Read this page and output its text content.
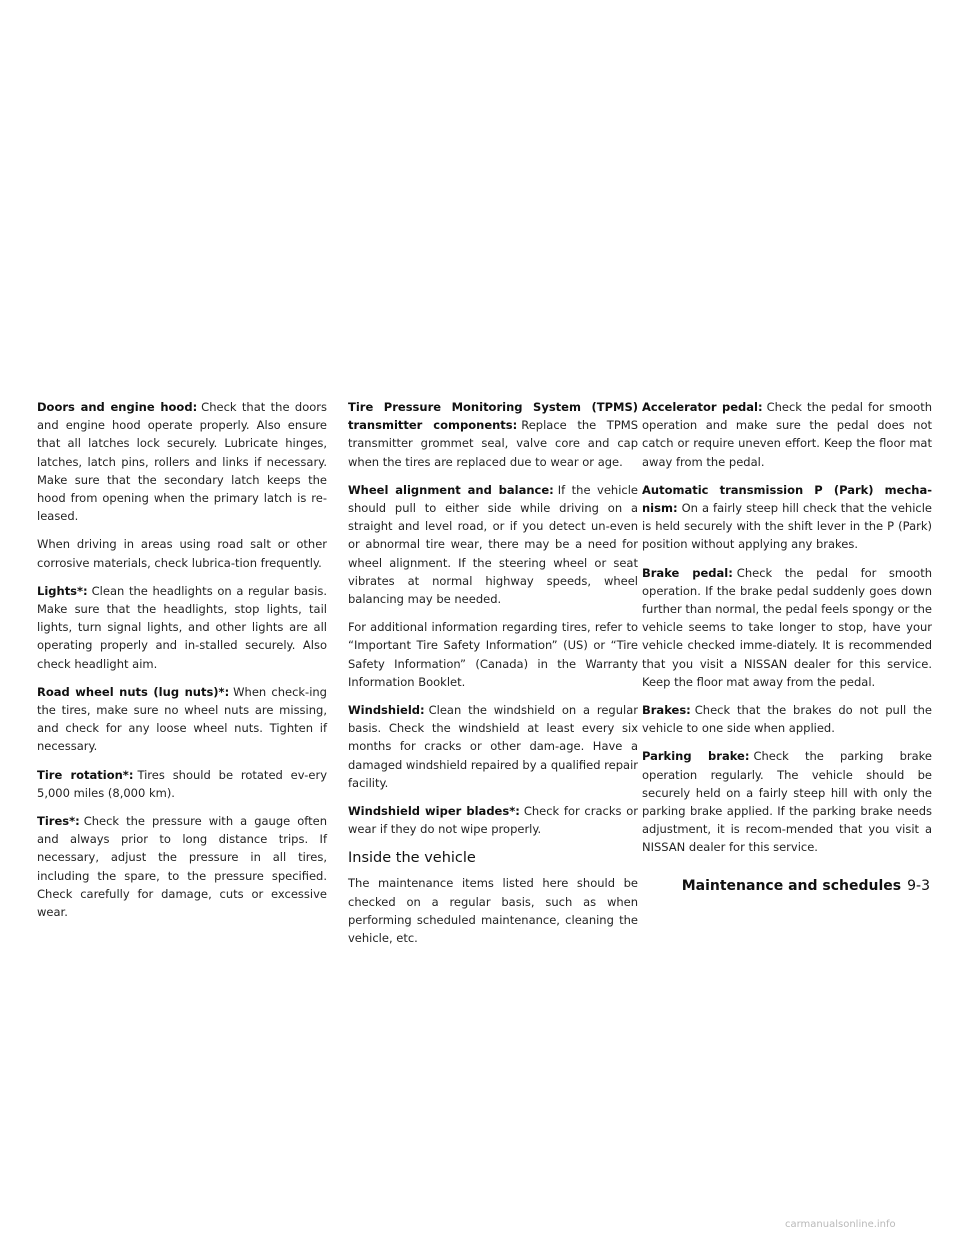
Doors and engine hood: Check that the doors and engine hood operate properly. Also ensure that all latches lock securely. Lubricate hinges, latches, latch pins, rollers and links if necessary. Make sure that the secondary latch keeps the hood from opening when the primary latch is re-leased.

When driving in areas using road salt or other corrosive materials, check lubrica-tion frequently.

Lights*: Clean the headlights on a regular basis. Make sure that the headlights, stop lights, tail lights, turn signal lights, and other lights are all operating properly and in-stalled securely. Also check headlight aim.

Road wheel nuts (lug nuts)*: When check-ing the tires, make sure no wheel nuts are missing, and check for any loose wheel nuts. Tighten if necessary.

Tire rotation*: Tires should be rotated ev-ery 5,000 miles (8,000 km).

Tires*: Check the pressure with a gauge often and always prior to long distance trips. If necessary, adjust the pressure in all tires, including the spare, to the pressure specified. Check carefully for damage, cuts or excessive wear.

Tire Pressure Monitoring System (TPMS) transmitter components: Replace the TPMS transmitter grommet seal, valve core and cap when the tires are replaced due to wear or age.

Wheel alignment and balance: If the vehicle should pull to either side while driving on a straight and level road, or if you detect un-even or abnormal tire wear, there may be a need for wheel alignment. If the steering wheel or seat vibrates at normal highway speeds, wheel balancing may be needed.

For additional information regarding tires, refer to “Important Tire Safety Information” (US) or “Tire Safety Information” (Canada) in the Warranty Information Booklet.

Windshield: Clean the windshield on a regular basis. Check the windshield at least every six months for cracks or other dam-age. Have a damaged windshield repaired by a qualified repair facility.

Windshield wiper blades*: Check for cracks or wear if they do not wipe properly.

Inside the vehicle

The maintenance items listed here should be checked on a regular basis, such as when performing scheduled maintenance, cleaning the vehicle, etc.

Accelerator pedal: Check the pedal for smooth operation and make sure the pedal does not catch or require uneven effort. Keep the floor mat away from the pedal.

Automatic transmission P (Park) mecha-nism: On a fairly steep hill check that the vehicle is held securely with the shift lever in the P (Park) position without applying any brakes.

Brake pedal: Check the pedal for smooth operation. If the brake pedal suddenly goes down further than normal, the pedal feels spongy or the vehicle seems to take longer to stop, have your vehicle checked imme-diately. It is recommended that you visit a NISSAN dealer for this service. Keep the floor mat away from the pedal.

Brakes: Check that the brakes do not pull the vehicle to one side when applied.

Parking brake: Check the parking brake operation regularly. The vehicle should be securely held on a fairly steep hill with only the parking brake applied. If the parking brake needs adjustment, it is recom-mended that you visit a NISSAN dealer for this service.

Maintenance and schedules 9-3
carmanualsonline.info
